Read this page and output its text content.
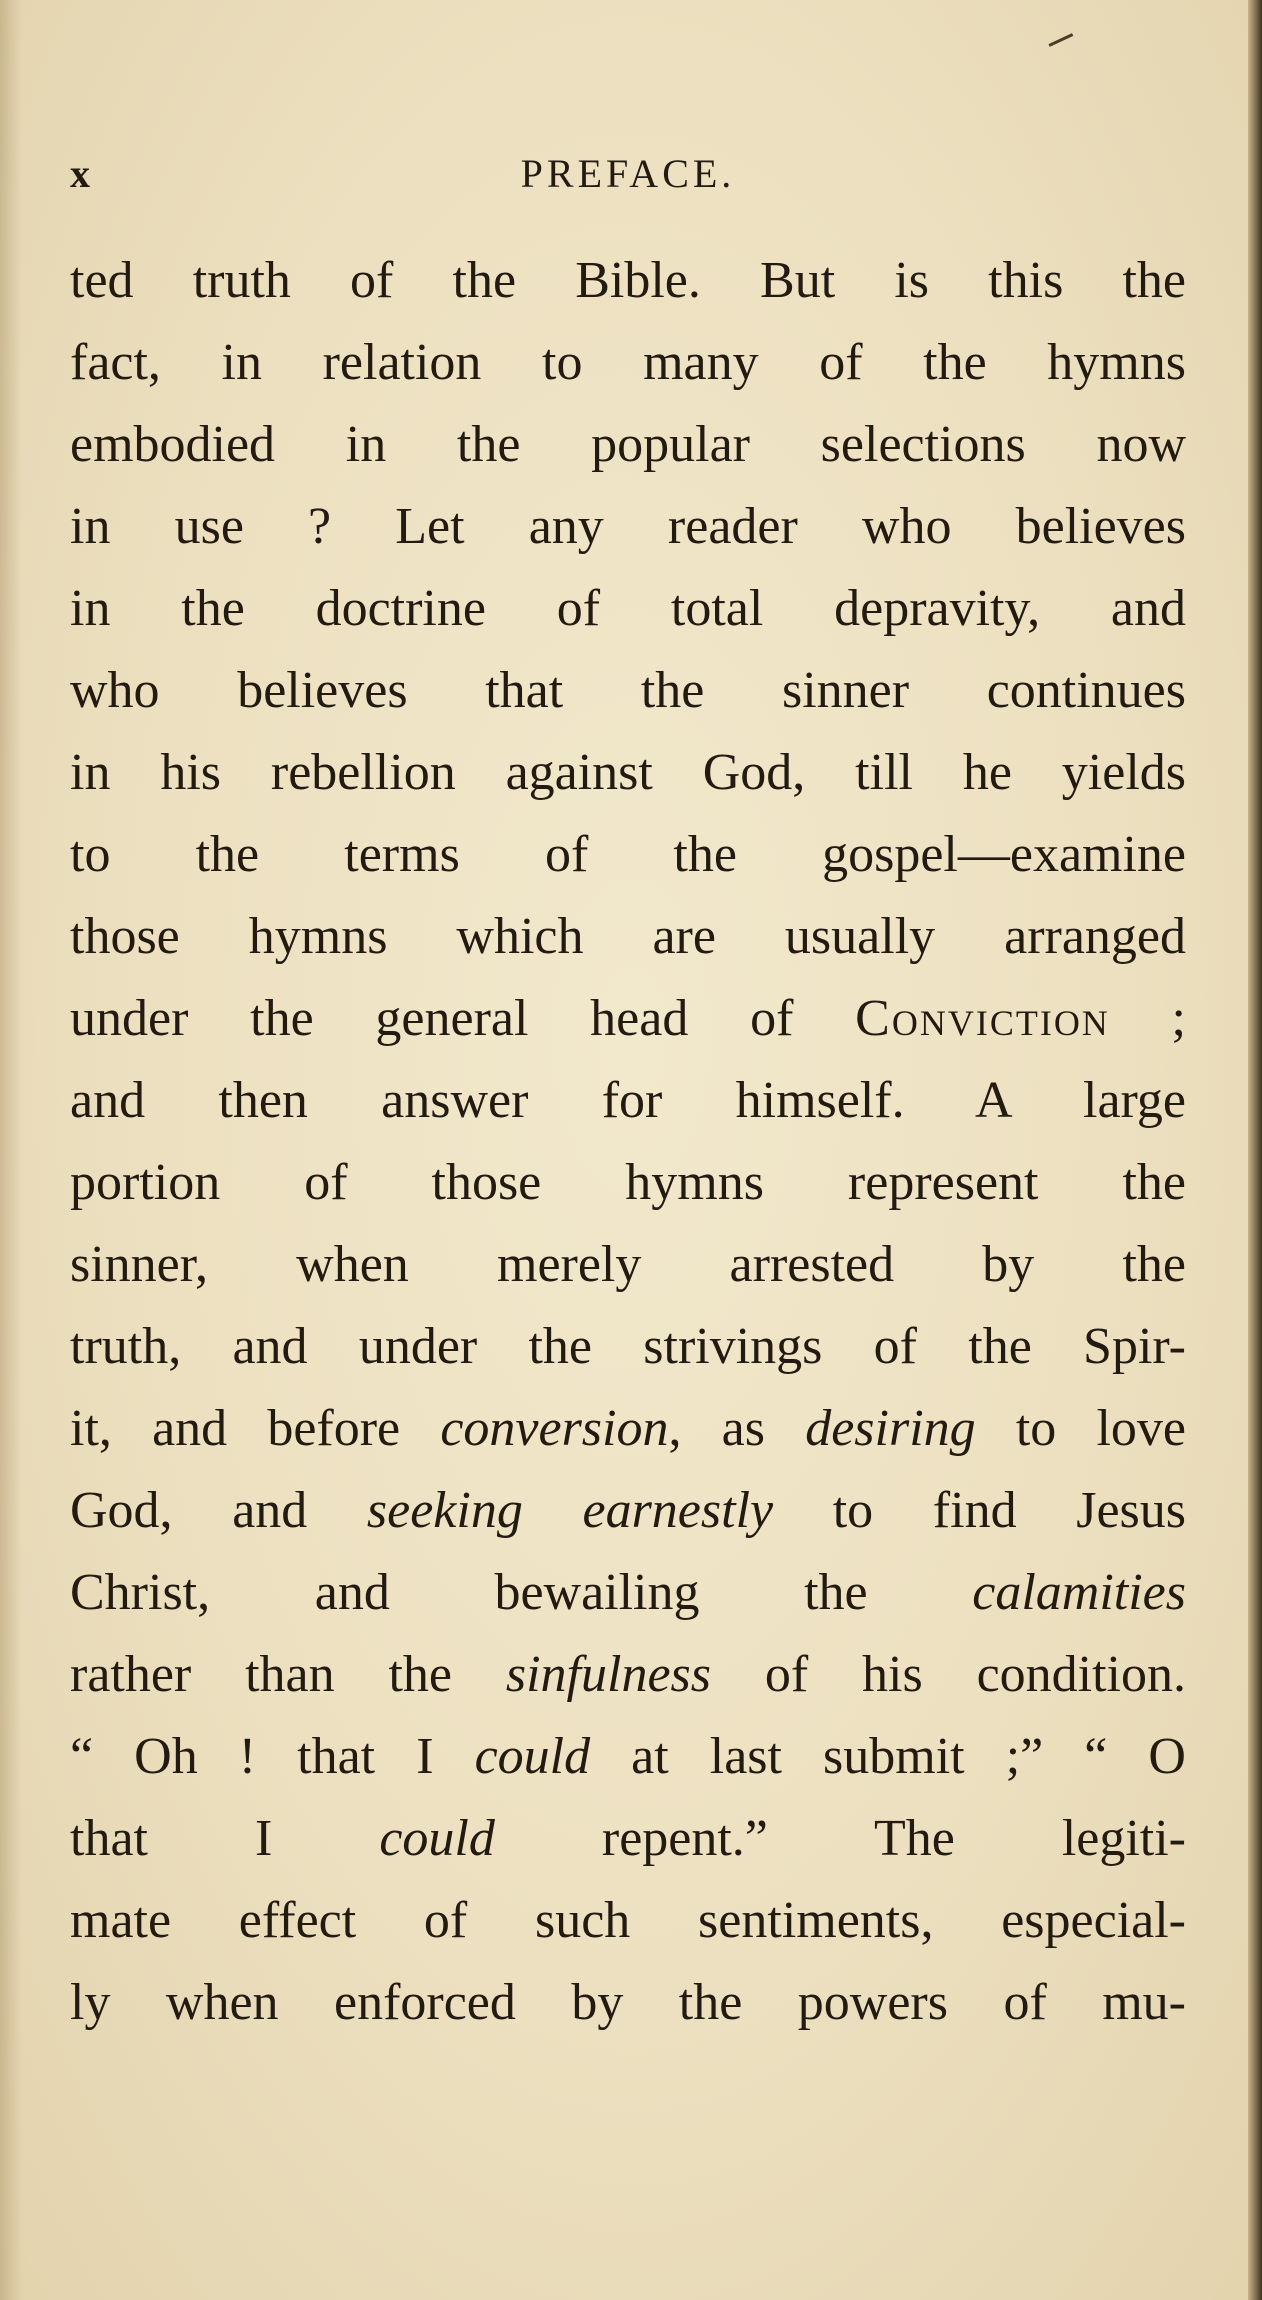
x	PREFACE.
ted truth of the Bible. But is this the
fact, in relation to many of the hymns
embodied in the popular selections now
in use ? Let any reader who believes
in the doctrine of total depravity, and
who believes that the sinner continues
in his rebellion against God, till he yields
to the terms of the gospel—examine
those hymns which are usually arranged
under the general head of Conviction ;
and then answer for himself. A large
portion of those hymns represent the
sinner, when merely arrested by the
truth, and under the strivings of the Spir-
it, and before conversion, as desiring to love
God, and seeking earnestly to find Jesus
Christ, and bewailing the calamities
rather than the sinfulness of his condition.
“ Oh ! that I could at last submit ;” “ O
that I could repent.” The legiti-
mate effect of such sentiments, especial-
ly when enforced by the powers of mu-
